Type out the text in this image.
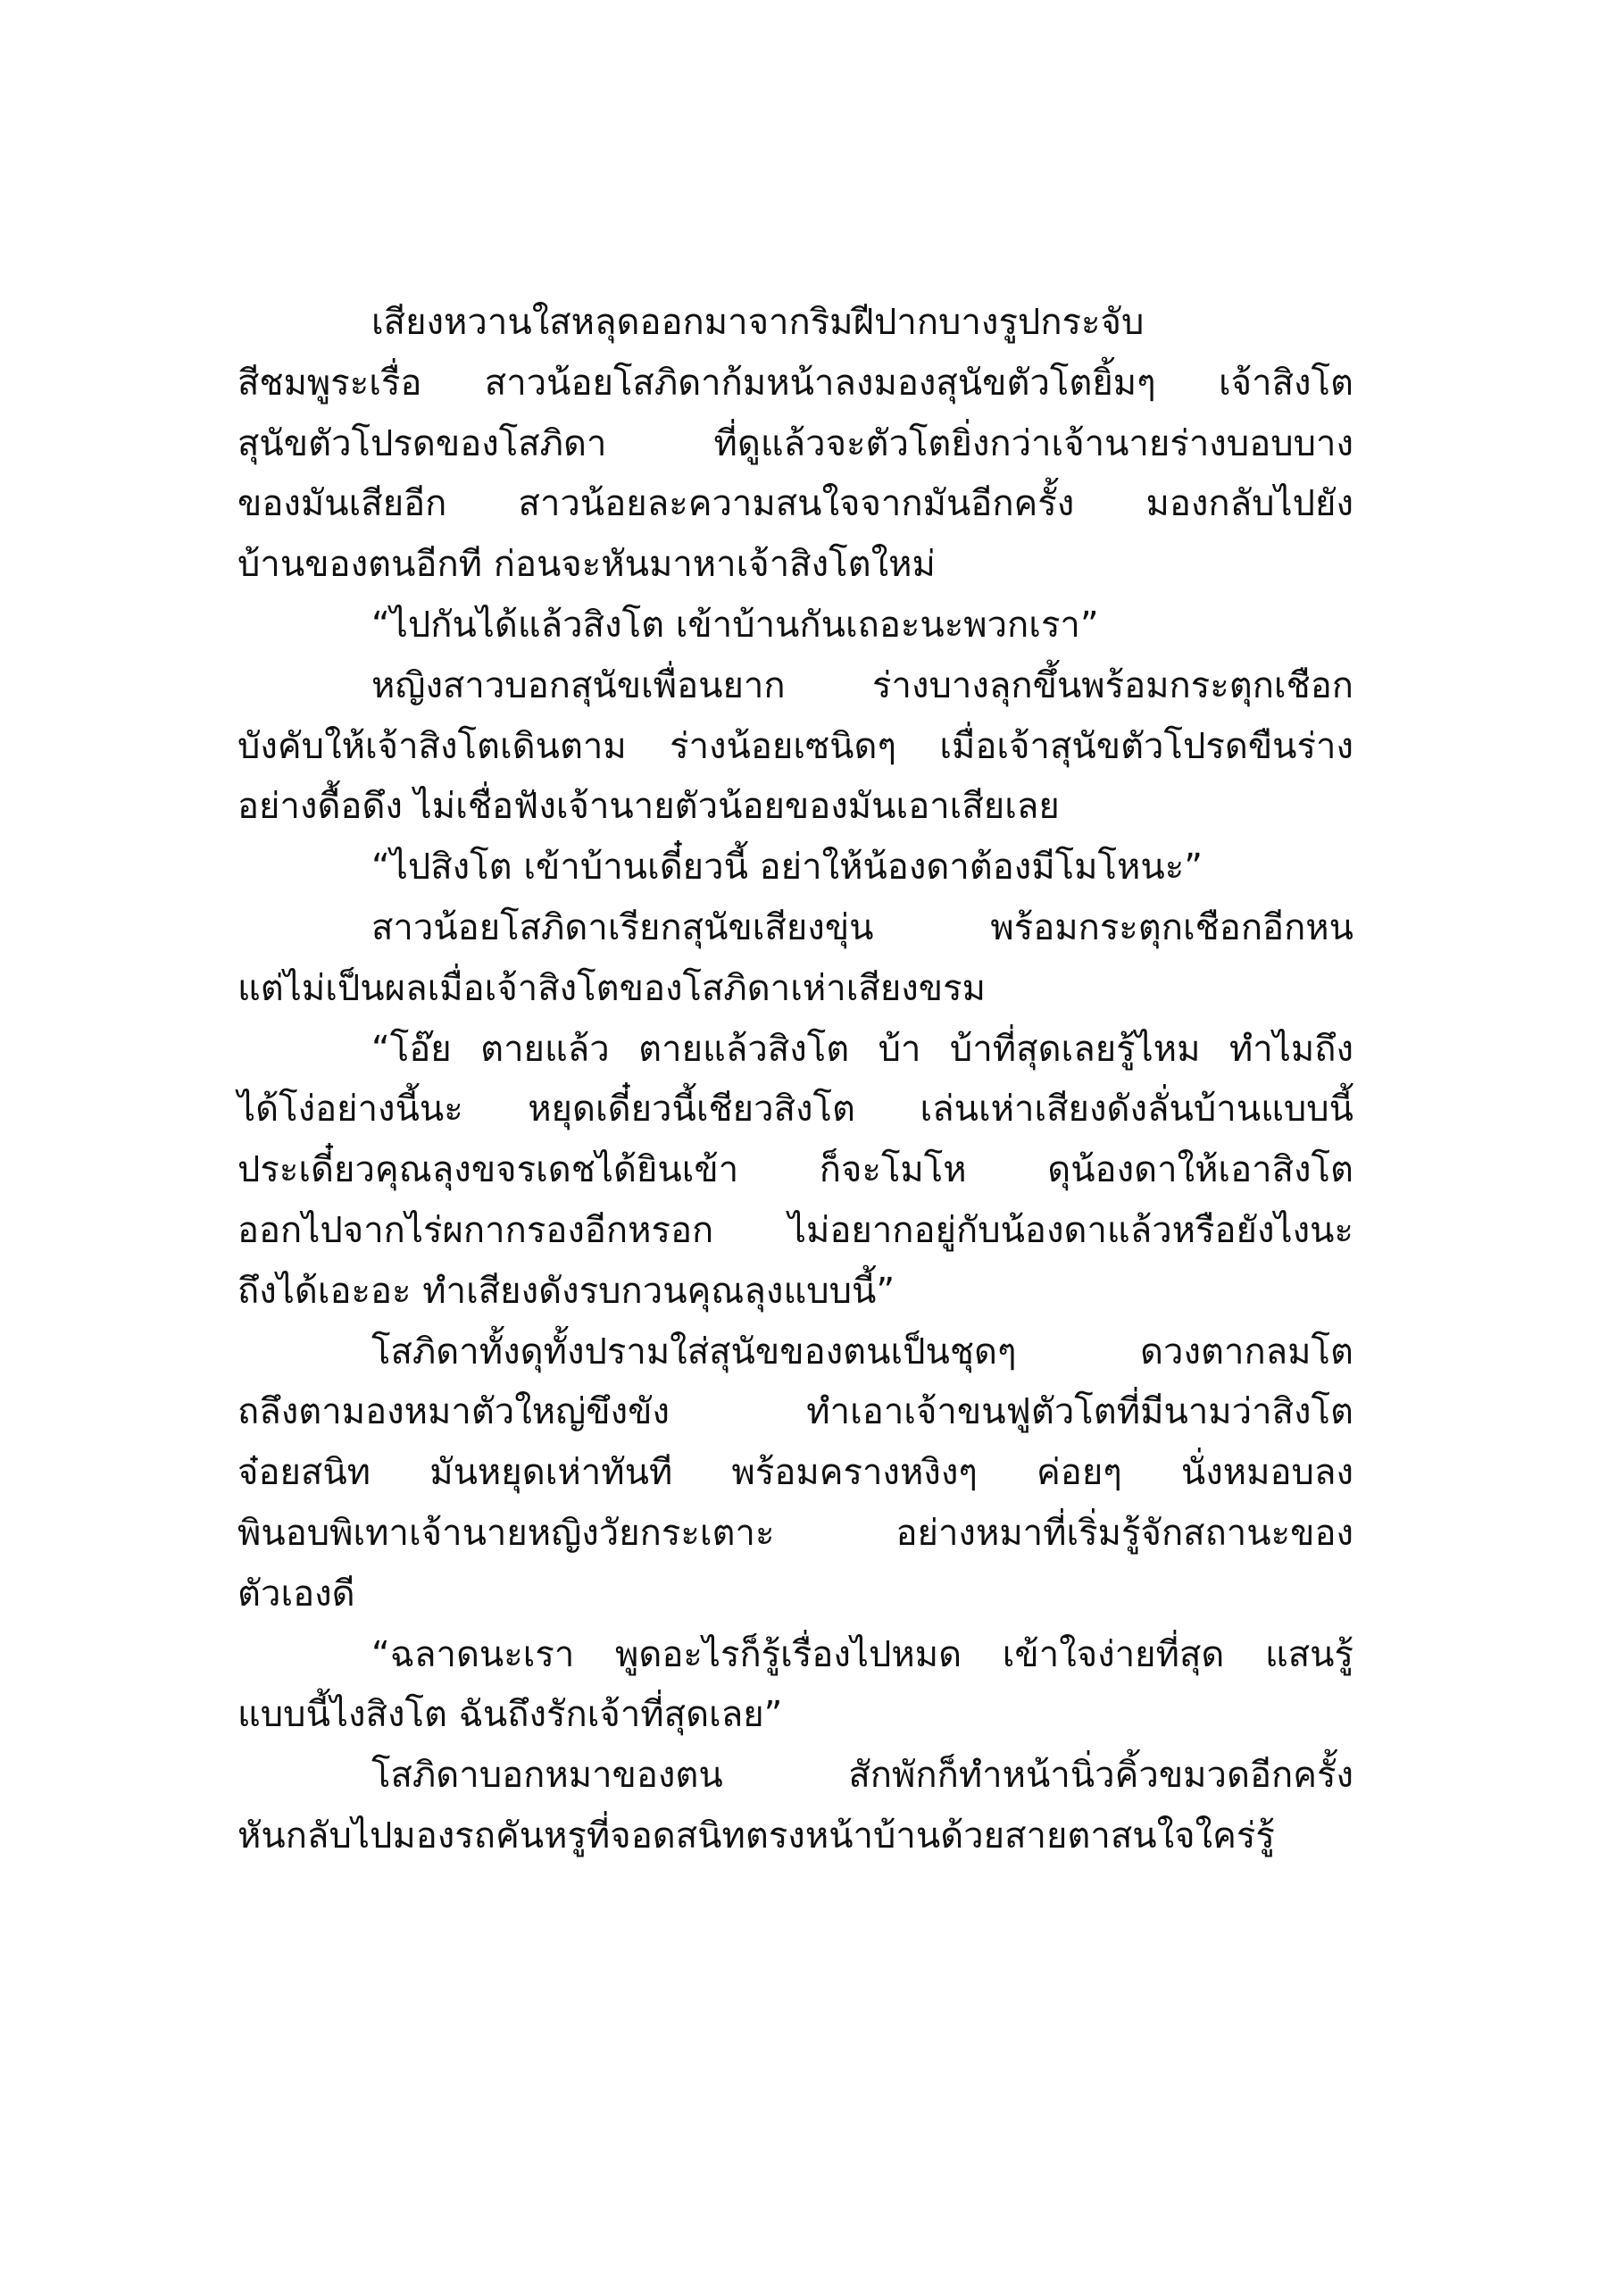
เสียงหวานใสหลุดออกมาจากริมฝีปากบางรูปกระจับ
สีชมพูระเรื่อ สาวน้อยโสภิดาก้มหน้าลงมองสุนัขตัวโตยิ้มๆ เจ้าสิงโต
สุนัขตัวโปรดของโสภิดา ที่ดูแล้วจะตัวโตยิ่งกว่าเจ้านายร่างบอบบาง
ของมันเสียอีก สาวน้อยละความสนใจจากมันอีกครั้ง มองกลับไปยัง
บ้านของตนอีกที ก่อนจะหันมาหาเจ้าสิงโตใหม่
“ไปกันได้แล้วสิงโต เข้าบ้านกันเถอะนะพวกเรา”
หญิงสาวบอกสุนัขเพื่อนยาก ร่างบางลุกขึ้นพร้อมกระตุกเชือก
บังคับให้เจ้าสิงโตเดินตาม ร่างน้อยเซนิดๆ เมื่อเจ้าสุนัขตัวโปรดขืนร่าง
อย่างดื้อดึง ไม่เชื่อฟังเจ้านายตัวน้อยของมันเอาเสียเลย
“ไปสิงโต เข้าบ้านเดี๋ยวนี้ อย่าให้น้องดาต้องมีโมโหนะ”
สาวน้อยโสภิดาเรียกสุนัขเสียงขุ่น พร้อมกระตุกเชือกอีกหน
แต่ไม่เป็นผลเมื่อเจ้าสิงโตของโสภิดาเห่าเสียงขรม
“โอ๊ย ตายแล้ว ตายแล้วสิงโต บ้า บ้าที่สุดเลยรู้ไหม ทำไมถึง
ได้โง่อย่างนี้นะ หยุดเดี๋ยวนี้เชียวสิงโต เล่นเห่าเสียงดังลั่นบ้านแบบนี้
ประเดี๋ยวคุณลุงขจรเดชได้ยินเข้า ก็จะโมโห ดุน้องดาให้เอาสิงโต
ออกไปจากไร่ผกากรองอีกหรอก ไม่อยากอยู่กับน้องดาแล้วหรือยังไงนะ
ถึงได้เอะอะ ทำเสียงดังรบกวนคุณลุงแบบนี้”
โสภิดาทั้งดุทั้งปรามใส่สุนัขของตนเป็นชุดๆ ดวงตากลมโต
ถลึงตามองหมาตัวใหญ่ขึงขัง ทำเอาเจ้าขนฟูตัวโตที่มีนามว่าสิงโต
จ๋อยสนิท มันหยุดเห่าทันที พร้อมครางหงิงๆ ค่อยๆ นั่งหมอบลง
พินอบพิเทาเจ้านายหญิงวัยกระเตาะ อย่างหมาที่เริ่มรู้จักสถานะของ
ตัวเองดี
“ฉลาดนะเรา พูดอะไรก็รู้เรื่องไปหมด เข้าใจง่ายที่สุด แสนรู้
แบบนี้ไงสิงโต ฉันถึงรักเจ้าที่สุดเลย”
โสภิดาบอกหมาของตน สักพักก็ทำหน้านิ่วคิ้วขมวดอีกครั้ง
หันกลับไปมองรถคันหรูที่จอดสนิทตรงหน้าบ้านด้วยสายตาสนใจใคร่รู้
